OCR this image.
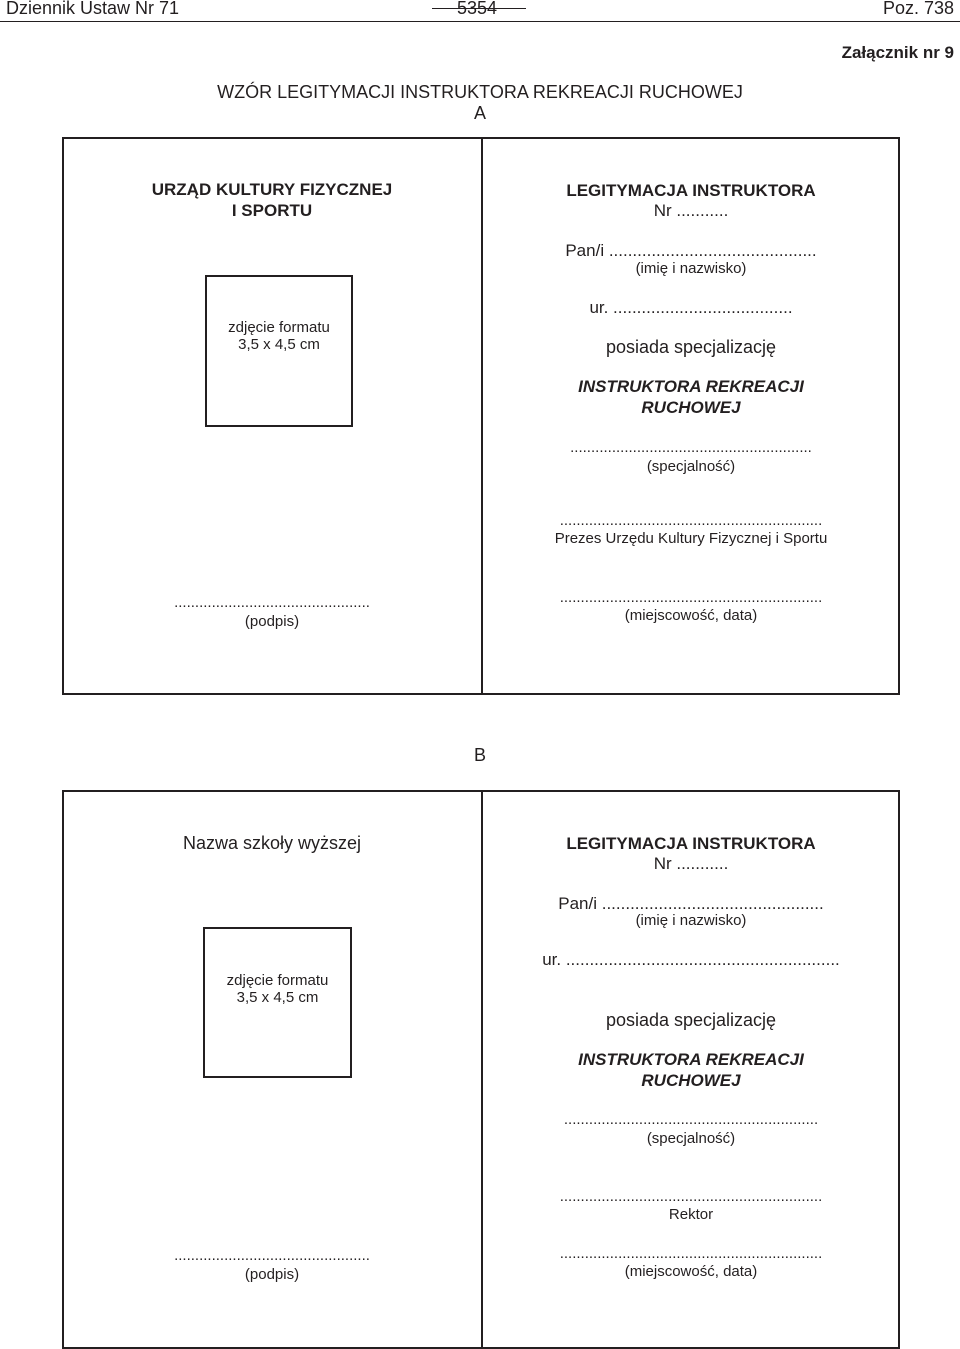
Dziennik Ustaw Nr 71	5354	Poz. 738
Załącznik nr 9
WZÓR LEGITYMACJI INSTRUKTORA REKREACJI RUCHOWEJ
A
URZĄD KULTURY FIZYCZNEJ
I SPORTU
zdjęcie formatu
3,5 x 4,5 cm
...............................................
(podpis)
LEGITYMACJA INSTRUKTORA
Nr ...........
Pan/i ............................................
(imię i nazwisko)
ur. ......................................
posiada specjalizację
INSTRUKTORA REKREACJI
RUCHOWEJ
..........................................................
(specjalność)
...............................................................
Prezes Urzędu Kultury Fizycznej i Sportu
...............................................................
(miejscowość, data)
B
Nazwa szkoły wyższej
zdjęcie formatu
3,5 x 4,5 cm
...............................................
(podpis)
LEGITYMACJA INSTRUKTORA
Nr ...........
Pan/i ...............................................
(imię i nazwisko)
ur. ..........................................................
posiada specjalizację
INSTRUKTORA REKREACJI
RUCHOWEJ
.............................................................
(specjalność)
...............................................................
Rektor
...............................................................
(miejscowość, data)
